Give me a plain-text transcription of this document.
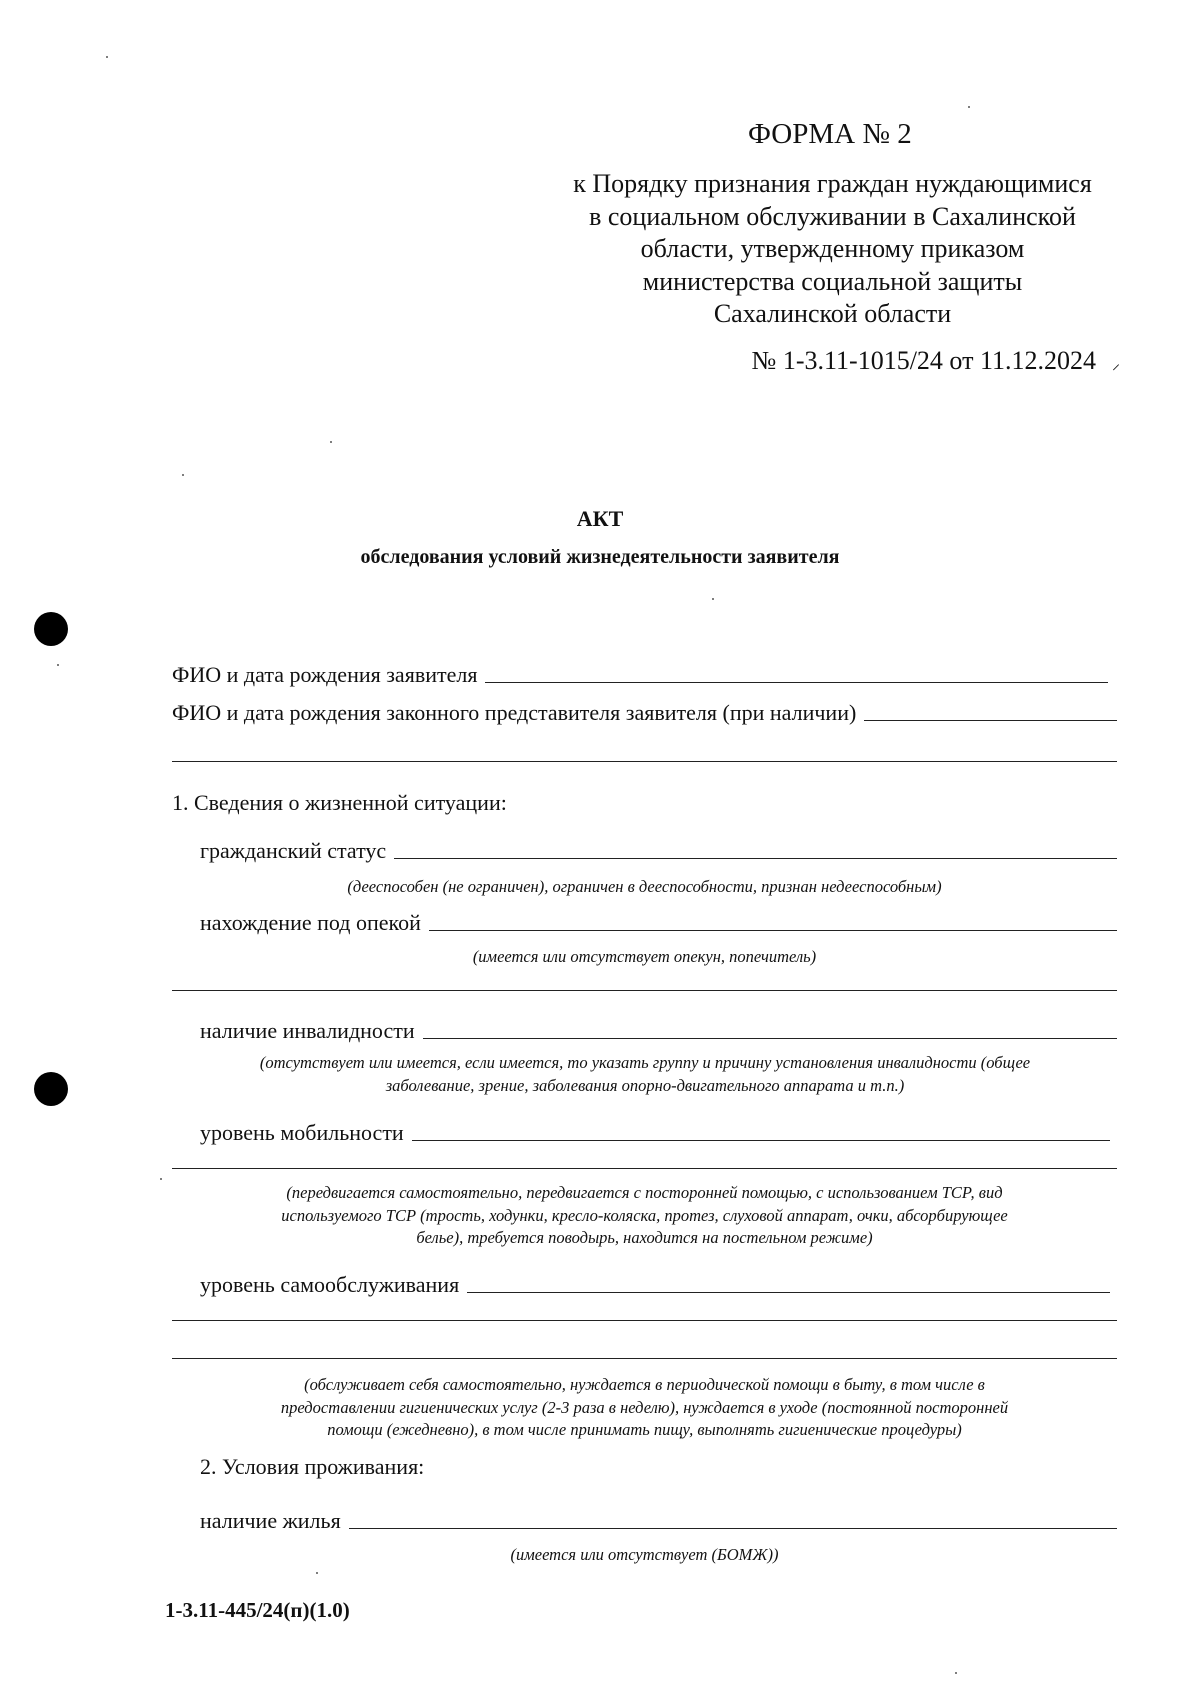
ФОРМА № 2
к Порядку признания граждан нуждающимися
в социальном обслуживании в Сахалинской
области, утвержденному приказом
министерства социальной защиты
Сахалинской области
№ 1-3.11-1015/24 от 11.12.2024 ⸝
АКТ
обследования условий жизнедеятельности заявителя
ФИО и дата рождения заявителя
ФИО и дата рождения законного представителя заявителя (при наличии)
1. Сведения о жизненной ситуации:
гражданский статус
(дееспособен (не ограничен), ограничен в дееспособности, признан недееспособным)
нахождение под опекой
(имеется или отсутствует опекун, попечитель)
наличие инвалидности
(отсутствует или имеется, если имеется, то указать группу и причину установления инвалидности (общее
заболевание, зрение, заболевания опорно-двигательного аппарата и т.п.)
уровень мобильности
(передвигается самостоятельно, передвигается с посторонней помощью, с использованием ТСР, вид
используемого ТСР (трость, ходунки, кресло-коляска, протез, слуховой аппарат, очки, абсорбирующее
белье), требуется поводырь, находится на постельном режиме)
уровень самообслуживания
(обслуживает себя самостоятельно, нуждается в периодической помощи в быту, в том числе в
предоставлении гигиенических услуг (2-3 раза в неделю), нуждается в уходе (постоянной посторонней
помощи (ежедневно), в том числе принимать пищу, выполнять гигиенические процедуры)
2. Условия проживания:
наличие жилья
(имеется или отсутствует (БОМЖ))
1-3.11-445/24(п)(1.0)
